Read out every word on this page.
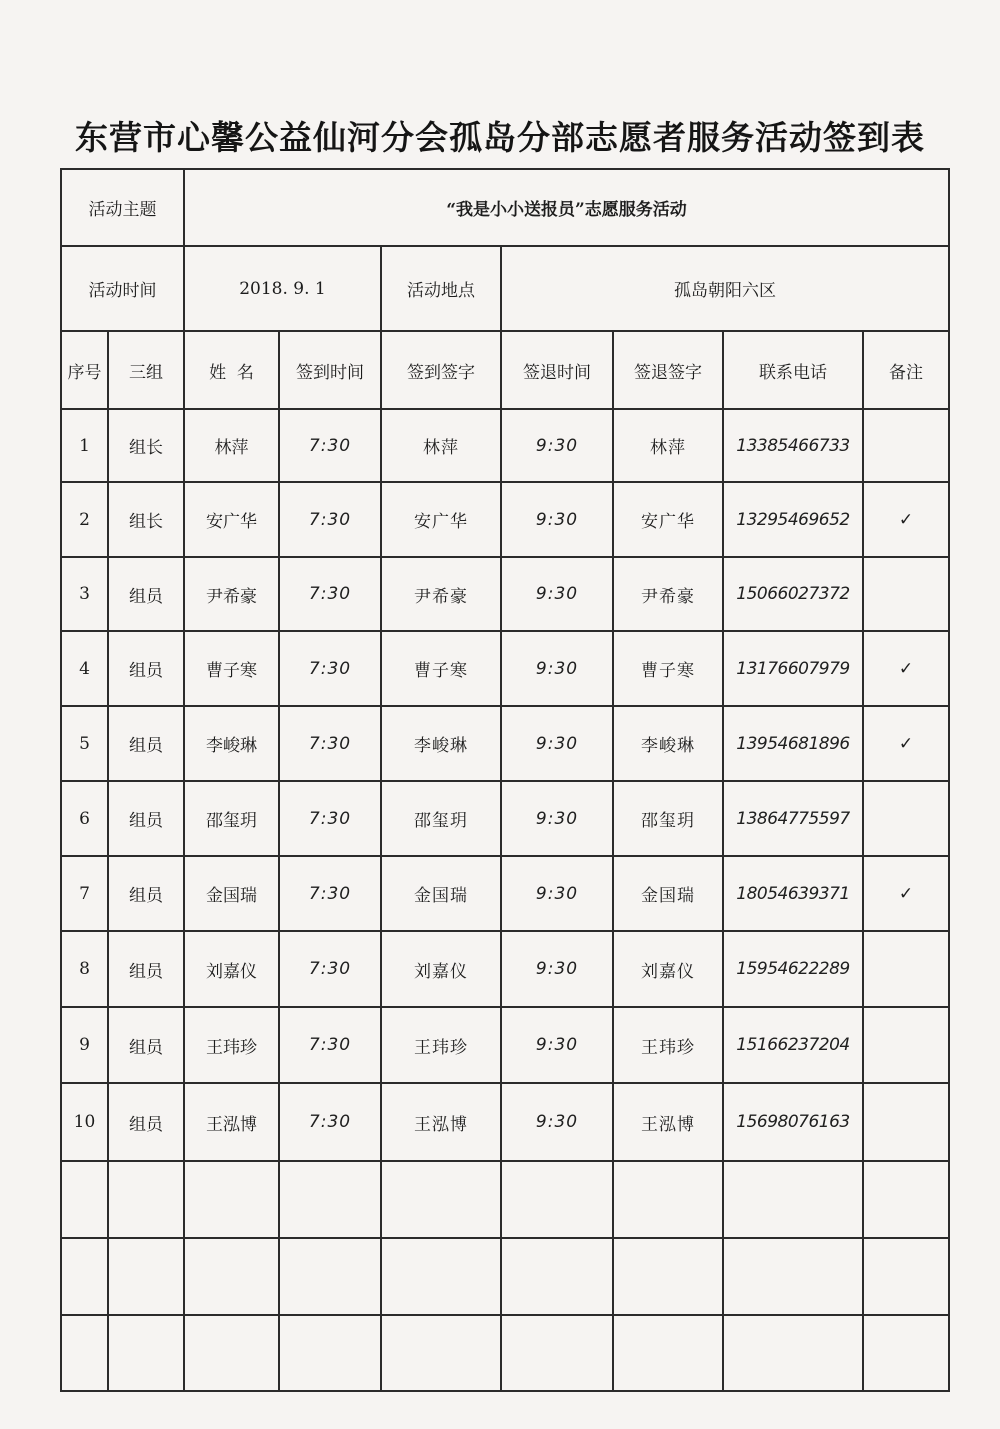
东营市心馨公益仙河分会孤岛分部志愿者服务活动签到表
活动主题		“我是小小送报员”志愿服务活动						
活动时间		2018. 9. 1		活动地点	孤岛朝阳六区			
序号	三组	姓  名	签到时间	签到签字	签退时间	签退签字	联系电话	备注
1	组长	林萍	7:30	林萍	9:30	林萍	13385466733	
2	组长	安广华	7:30	安广华	9:30	安广华	13295469652	✓
3	组员	尹希豪	7:30	尹希豪	9:30	尹希豪	15066027372	
4	组员	曹子寒	7:30	曹子寒	9:30	曹子寒	13176607979	✓
5	组员	李峻琳	7:30	李峻琳	9:30	李峻琳	13954681896	✓
6	组员	邵玺玥	7:30	邵玺玥	9:30	邵玺玥	13864775597	
7	组员	金国瑞	7:30	金国瑞	9:30	金国瑞	18054639371	✓
8	组员	刘嘉仪	7:30	刘嘉仪	9:30	刘嘉仪	15954622289	
9	组员	王玮珍	7:30	王玮珍	9:30	王玮珍	15166237204	
10	组员	王泓博	7:30	王泓博	9:30	王泓博	15698076163	
